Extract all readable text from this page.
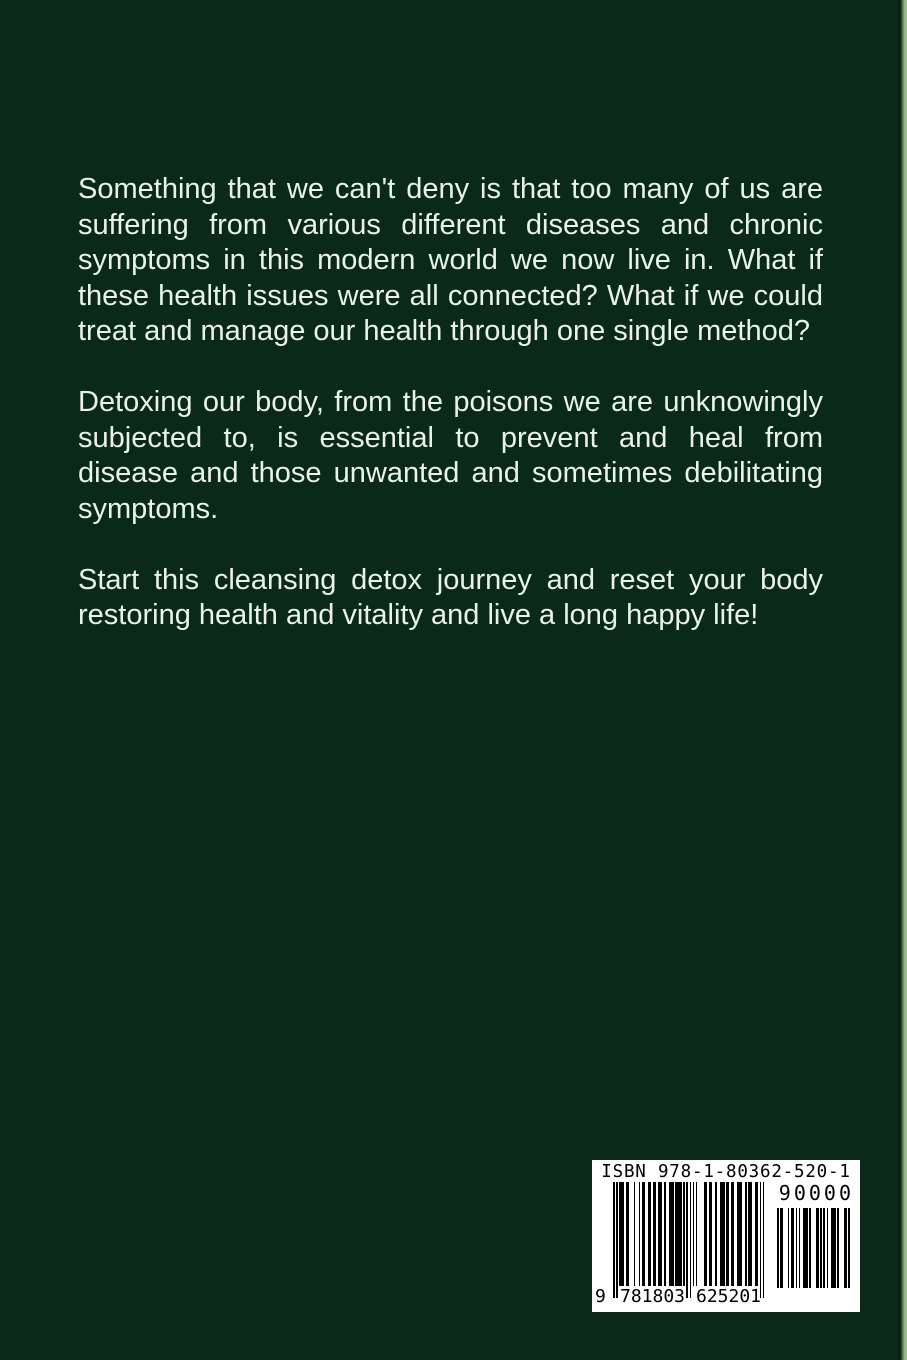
Something that we can't deny is that too many of us are suffering from various different diseases and chronic symptoms in this modern world we now live in. What if these health issues were all connected? What if we could treat and manage our health through one single method?

Detoxing our body, from the poisons we are unknowingly subjected to, is essential to prevent and heal from disease and those unwanted and sometimes debilitating symptoms.

Start this cleansing detox journey and reset your body restoring health and vitality and live a long happy life!

ISBN 978-1-80362-520-1
90000
9 781803 625201
